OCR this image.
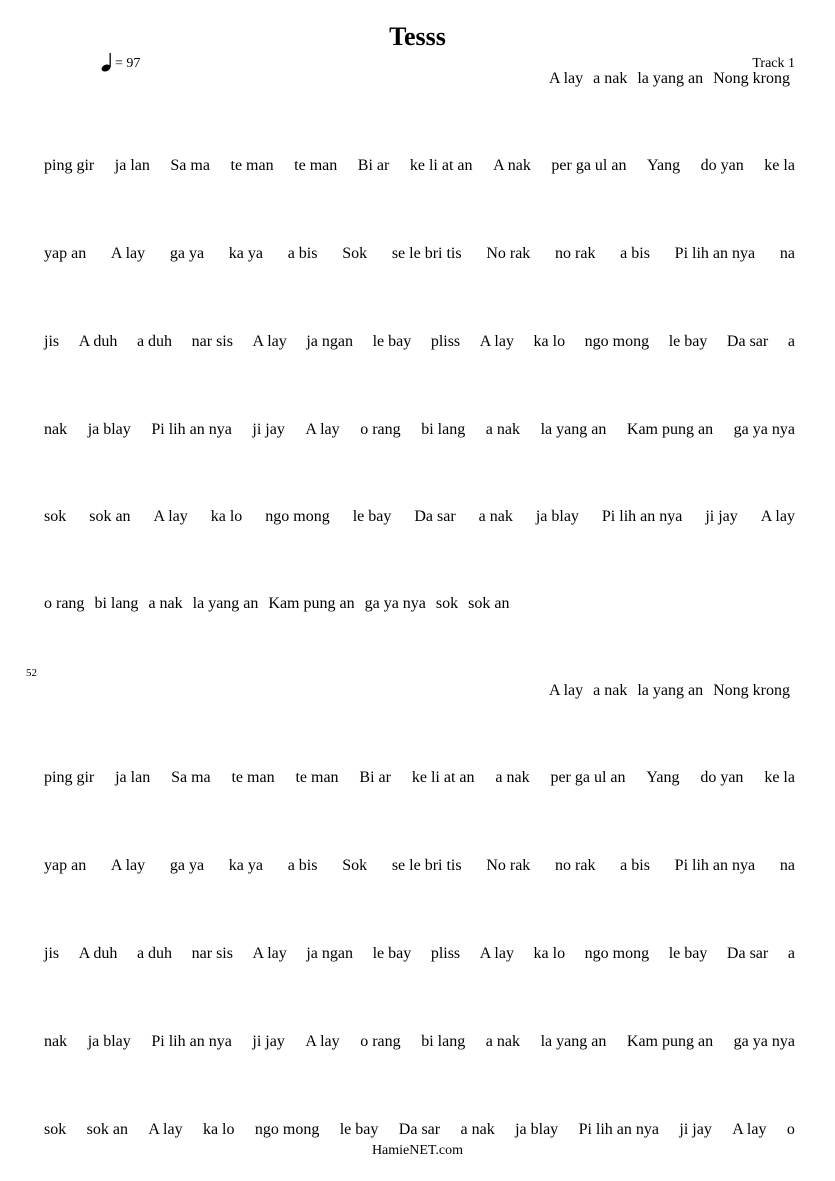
Tesss
= 97	Track 1
52
A lay a nak la yang an Nong krong
ping gir ja lan Sa ma te man te man Bi ar ke li at an A nak per ga ul an Yang do yan ke la
yap an A lay ga ya ka ya a bis Sok se le bri tis No rak no rak a bis Pi lih an nya na
jis A duh a duh nar sis A lay ja ngan le bay pliss A lay ka lo ngo mong le bay Da sar a
nak ja blay Pi lih an nya ji jay A lay o rang bi lang a nak la yang an Kam pung an ga ya nya
sok sok an A lay ka lo ngo mong le bay Da sar a nak ja blay Pi lih an nya ji jay A lay
o rang bi lang a nak la yang an Kam pung an ga ya nya sok sok an
A lay a nak la yang an Nong krong
ping gir ja lan Sa ma te man te man Bi ar ke li at an a nak per ga ul an Yang do yan ke la
yap an A lay ga ya ka ya a bis Sok se le bri tis No rak no rak a bis Pi lih an nya na
jis A duh a duh nar sis A lay ja ngan le bay pliss A lay ka lo ngo mong le bay Da sar a
nak ja blay Pi lih an nya ji jay A lay o rang bi lang a nak la yang an Kam pung an ga ya nya
sok sok an A lay ka lo ngo mong le bay Da sar a nak ja blay Pi lih an nya ji jay A lay o
HamieNET.com
